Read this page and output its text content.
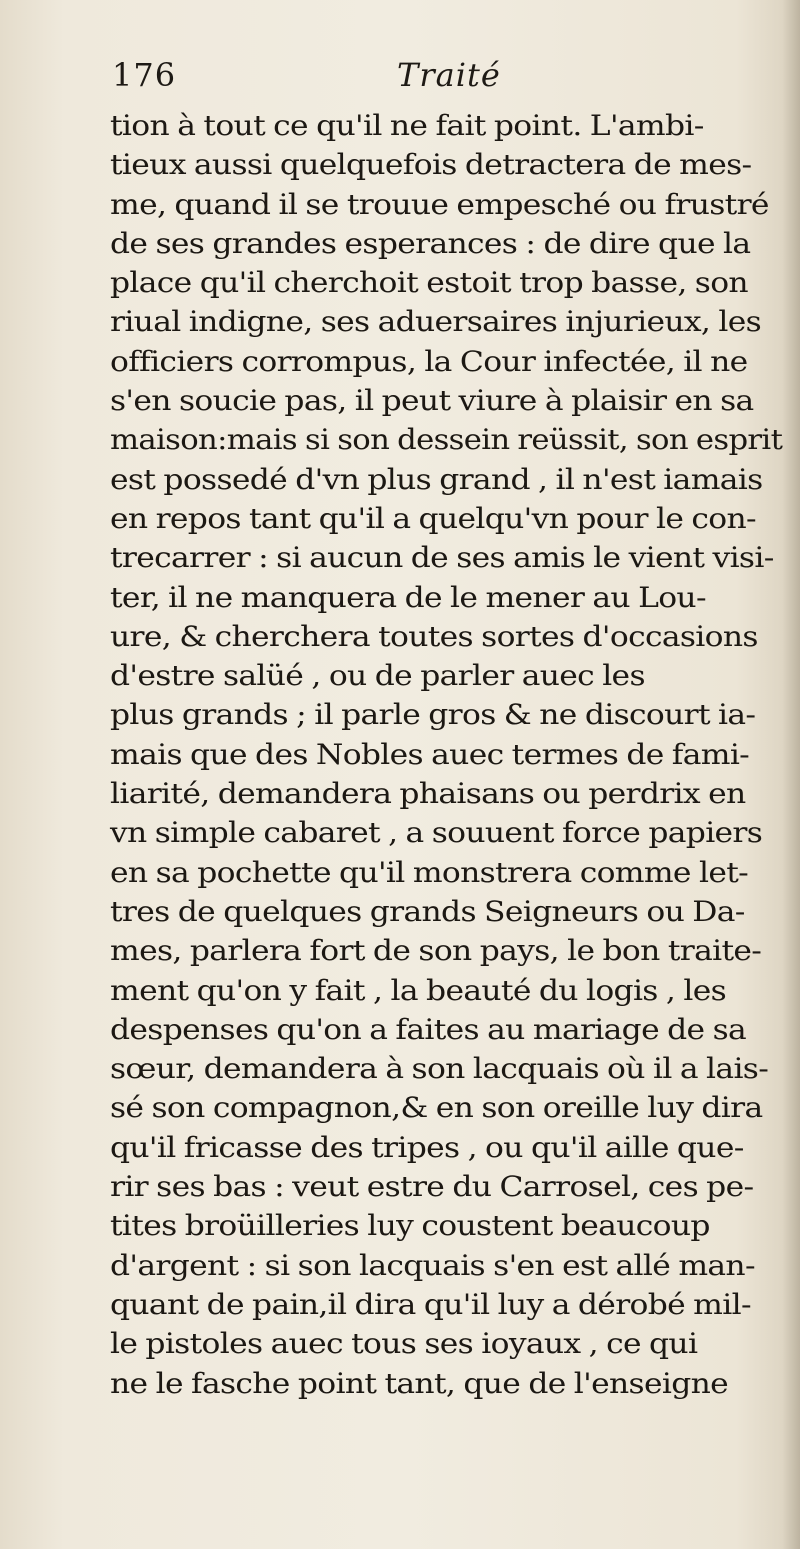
176	Traité
tion à tout ce qu'il ne fait point. L'ambi-
tieux aussi quelquefois detractera de mes-
me, quand il se trouue empesché ou frustré
de ses grandes esperances : de dire que la
place qu'il cherchoit estoit trop basse, son
riual indigne, ses aduersaires injurieux, les
officiers corrompus, la Cour infectée, il ne
s'en soucie pas, il peut viure à plaisir en sa
maison:mais si son dessein reüssit, son esprit
est possedé d'vn plus grand , il n'est iamais
en repos tant qu'il a quelqu'vn pour le con-
trecarrer : si aucun de ses amis le vient visi-
ter, il ne manquera de le mener au Lou-
ure, & cherchera toutes sortes d'occasions
d'estre salüé , ou de parler auec les
plus grands ; il parle gros & ne discourt ia-
mais que des Nobles auec termes de fami-
liarité, demandera phaisans ou perdrix en
vn simple cabaret , a souuent force papiers
en sa pochette qu'il monstrera comme let-
tres de quelques grands Seigneurs ou Da-
mes, parlera fort de son pays, le bon traite-
ment qu'on y fait , la beauté du logis , les
despenses qu'on a faites au mariage de sa
sœur, demandera à son lacquais où il a lais-
sé son compagnon,& en son oreille luy dira
qu'il fricasse des tripes , ou qu'il aille que-
rir ses bas : veut estre du Carrosel, ces pe-
tites broüilleries luy coustent beaucoup
d'argent : si son lacquais s'en est allé man-
quant de pain,il dira qu'il luy a dérobé mil-
le pistoles auec tous ses ioyaux , ce qui
ne le fasche point tant, que de l'enseigne
